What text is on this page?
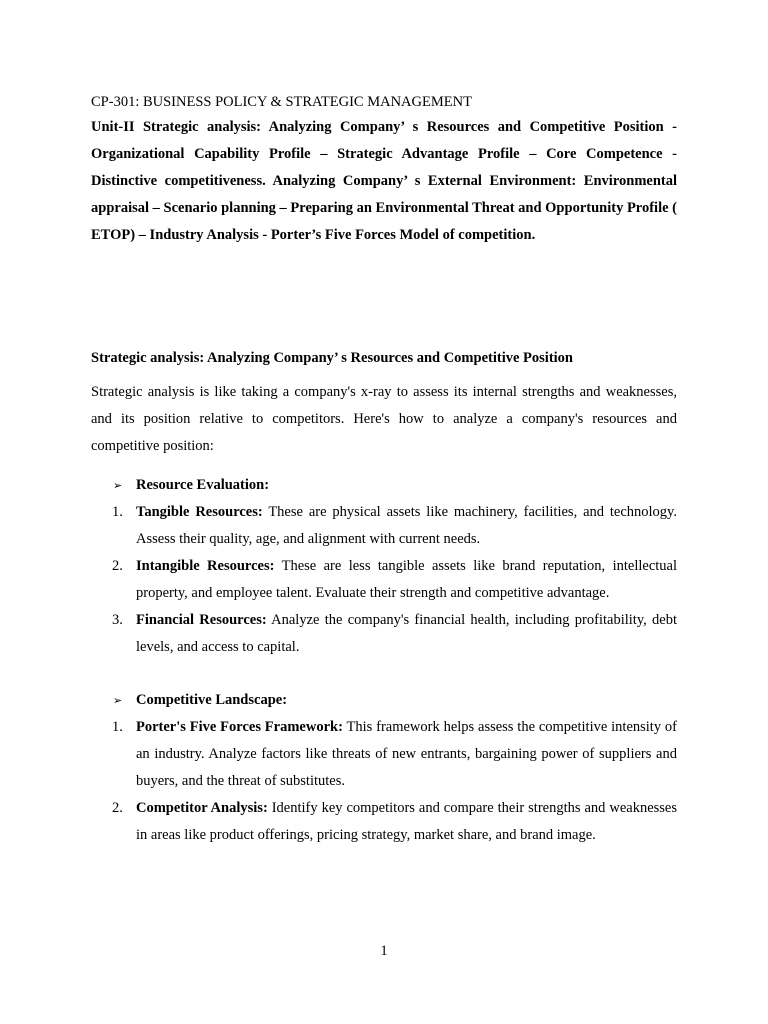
CP-301: BUSINESS POLICY & STRATEGIC MANAGEMENT

Unit-II Strategic analysis: Analyzing Company’ s Resources and Competitive Position - Organizational Capability Profile – Strategic Advantage Profile – Core Competence - Distinctive competitiveness. Analyzing Company’ s External Environment: Environmental appraisal – Scenario planning – Preparing an Environmental Threat and Opportunity Profile ( ETOP) – Industry Analysis - Porter’s Five Forces Model of competition.

Strategic analysis: Analyzing Company’ s Resources and Competitive Position

Strategic analysis is like taking a company's x-ray to assess its internal strengths and weaknesses, and its position relative to competitors. Here's how to analyze a company's resources and competitive position:

➢ Resource Evaluation:
1. Tangible Resources: These are physical assets like machinery, facilities, and technology. Assess their quality, age, and alignment with current needs.
2. Intangible Resources: These are less tangible assets like brand reputation, intellectual property, and employee talent. Evaluate their strength and competitive advantage.
3. Financial Resources: Analyze the company's financial health, including profitability, debt levels, and access to capital.
➢ Competitive Landscape:
1. Porter's Five Forces Framework: This framework helps assess the competitive intensity of an industry. Analyze factors like threats of new entrants, bargaining power of suppliers and buyers, and the threat of substitutes.
2. Competitor Analysis: Identify key competitors and compare their strengths and weaknesses in areas like product offerings, pricing strategy, market share, and brand image.
1
